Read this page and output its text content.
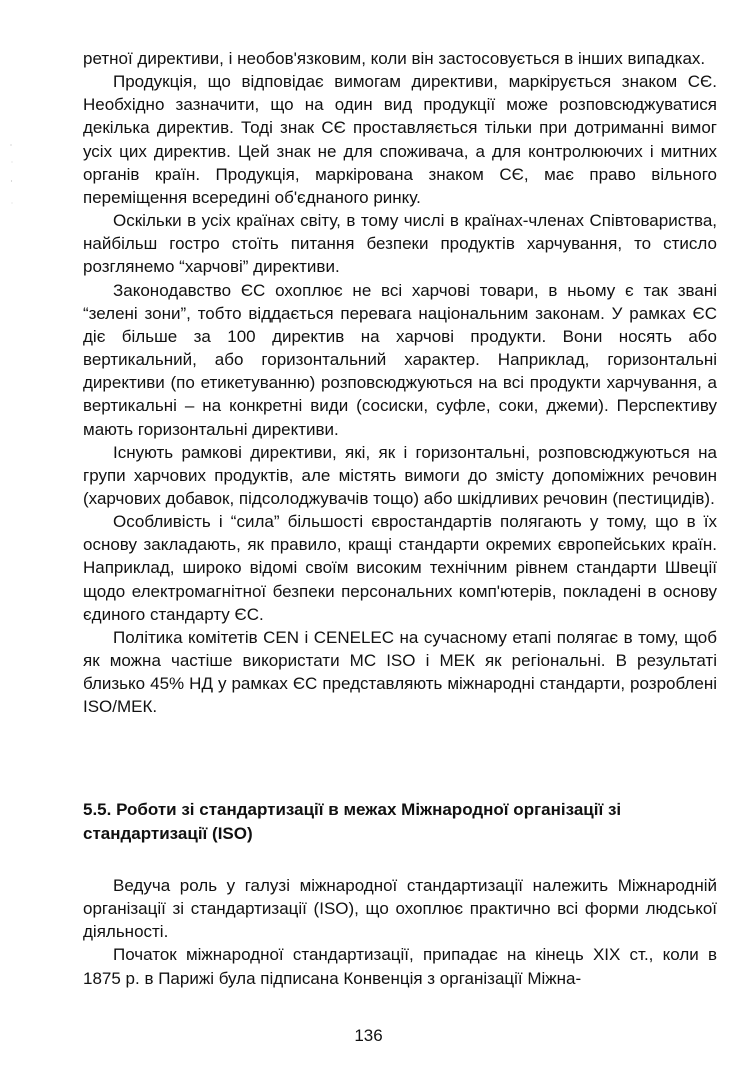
ретної директиви, і необов'язковим, коли він застосовується в інших випадках.

Продукція, що відповідає вимогам директиви, маркірується знаком СЄ. Необхідно зазначити, що на один вид продукції може розповсюджуватися декілька директив. Тоді знак СЄ проставляється тільки при дотриманні вимог усіх цих директив. Цей знак не для споживача, а для контролюючих і митних органів країн. Продукція, маркірована знаком СЄ, має право вільного переміщення всередині об'єднаного ринку.

Оскільки в усіх країнах світу, в тому числі в країнах-членах Співтовариства, найбільш гостро стоїть питання безпеки продуктів харчування, то стисло розглянемо “харчові” директиви.

Законодавство ЄС охоплює не всі харчові товари, в ньому є так звані “зелені зони”, тобто віддається перевага національним законам. У рамках ЄС діє більше за 100 директив на харчові продукти. Вони носять або вертикальний, або горизонтальний характер. Наприклад, горизонтальні директиви (по етикетуванню) розповсюджуються на всі продукти харчування, а вертикальні – на конкретні види (сосиски, суфле, соки, джеми). Перспективу мають горизонтальні директиви.

Існують рамкові директиви, які, як і горизонтальні, розповсюджуються на групи харчових продуктів, але містять вимоги до змісту допоміжних речовин (харчових добавок, підсолоджувачів тощо) або шкідливих речовин (пестицидів).

Особливість і “сила” більшості євростандартів полягають у тому, що в їх основу закладають, як правило, кращі стандарти окремих європейських країн. Наприклад, широко відомі своїм високим технічним рівнем стандарти Швеції щодо електромагнітної безпеки персональних комп'ютерів, покладені в основу єдиного стандарту ЄС.

Політика комітетів CEN і CENELEC на сучасному етапі полягає в тому, щоб як можна частіше використати МС ISO і МЕК як регіональні. В результаті близько 45% НД у рамках ЄС представляють міжнародні стандарти, розроблені ISO/МЕК.

5.5. Роботи зі стандартизації в межах Міжнародної організації зі стандартизації (ISO)

Ведуча роль у галузі міжнародної стандартизації належить Міжнародній організації зі стандартизації (ISO), що охоплює практично всі форми людської діяльності.

Початок міжнародної стандартизації, припадає на кінець XIX ст., коли в 1875 р. в Парижі була підписана Конвенція з організації Міжна-

136
